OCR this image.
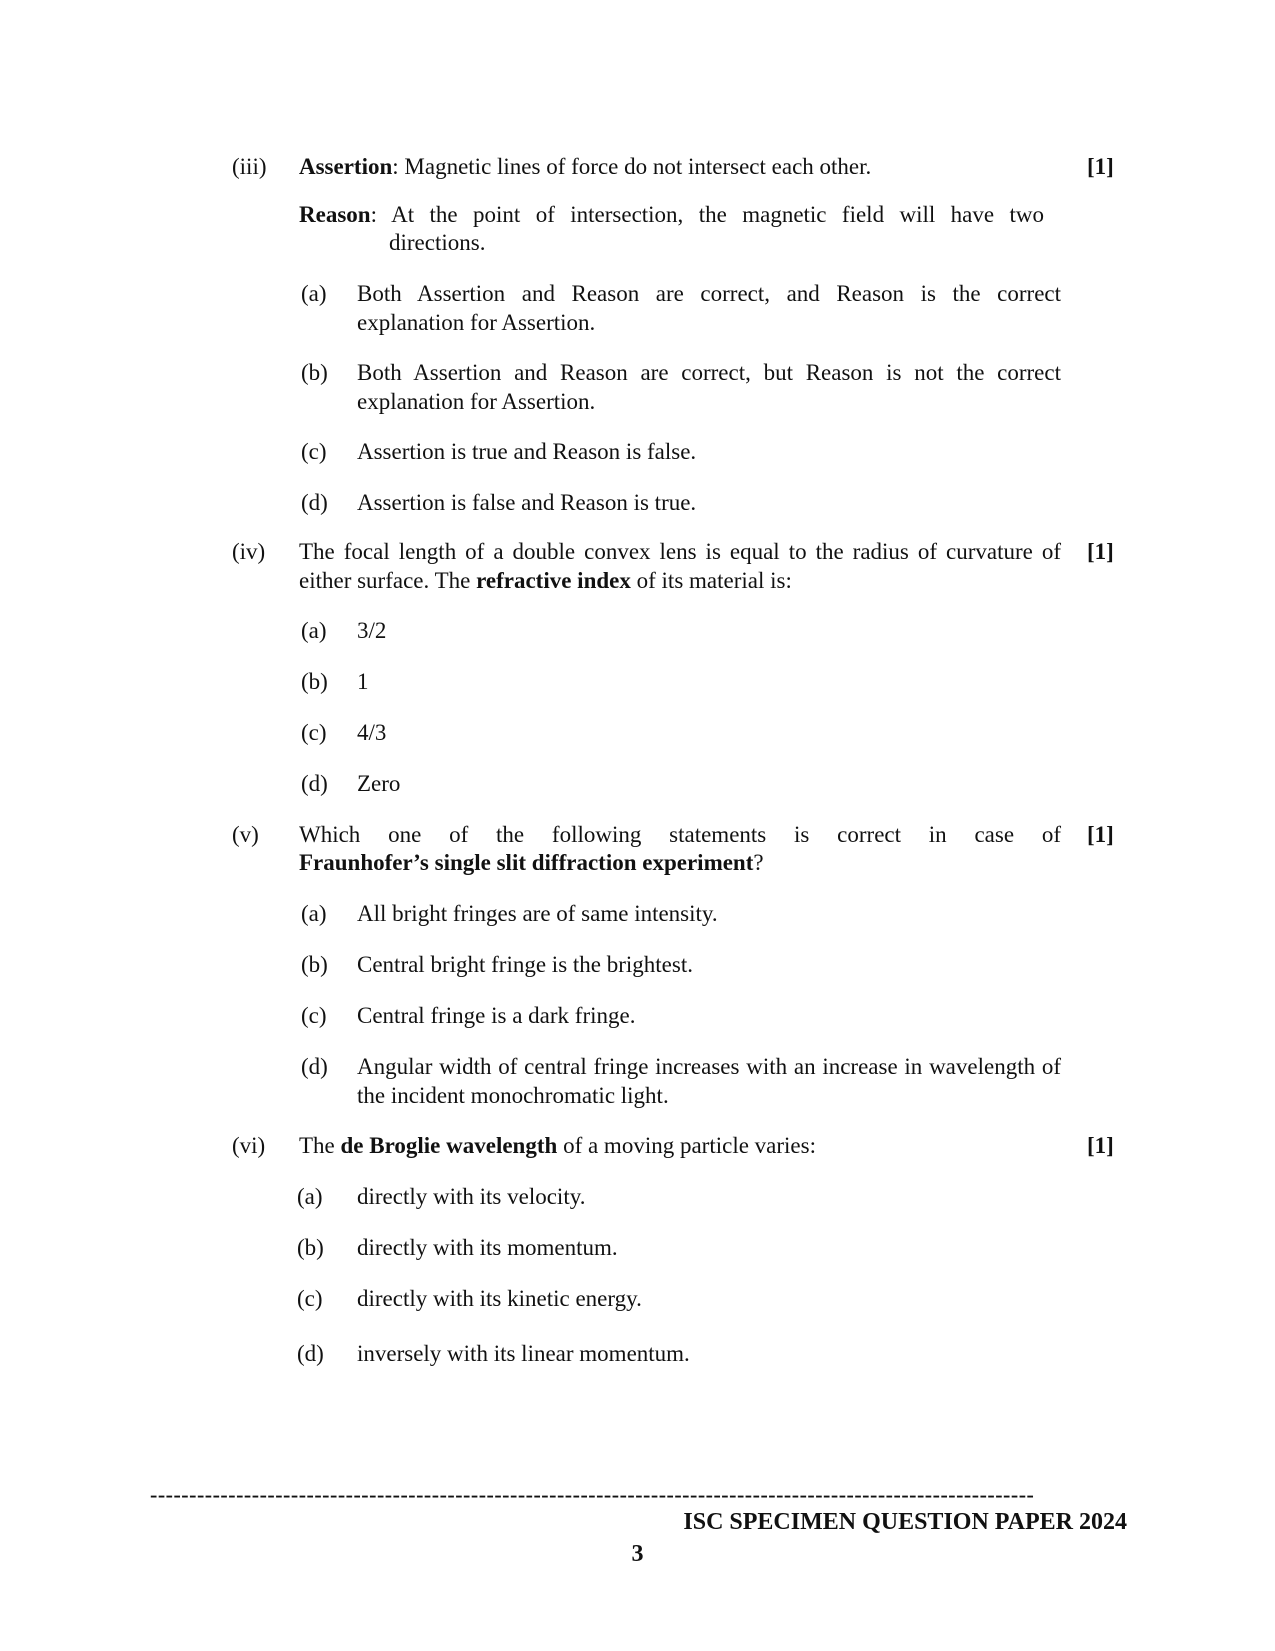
(iii) Assertion: Magnetic lines of force do not intersect each other.	[1]
Reason: At the point of intersection, the magnetic field will have two
directions.
(a) Both Assertion and Reason are correct, and Reason is the correct explanation for Assertion.
(b) Both Assertion and Reason are correct, but Reason is not the correct explanation for Assertion.
(c) Assertion is true and Reason is false.
(d) Assertion is false and Reason is true.
(iv) The focal length of a double convex lens is equal to the radius of curvature of either surface. The refractive index of its material is:
[1]
(a) 3/2
(b) 1
(c) 4/3
(d) Zero
(v) Which one of the following statements is correct in case of
Fraunhofer’s single slit diffraction experiment?
[1]
(a) All bright fringes are of same intensity.
(b) Central bright fringe is the brightest.
(c) Central fringe is a dark fringe.
(d) Angular width of central fringe increases with an increase in wavelength of the incident monochromatic light.
(vi) The de Broglie wavelength of a moving particle varies:	[1]
(a) directly with its velocity.
(b) directly with its momentum.
(c) directly with its kinetic energy.
(d) inversely with its linear momentum.
-----------------------------------------------------------------------------------------------------------------
ISC SPECIMEN QUESTION PAPER 2024
3
